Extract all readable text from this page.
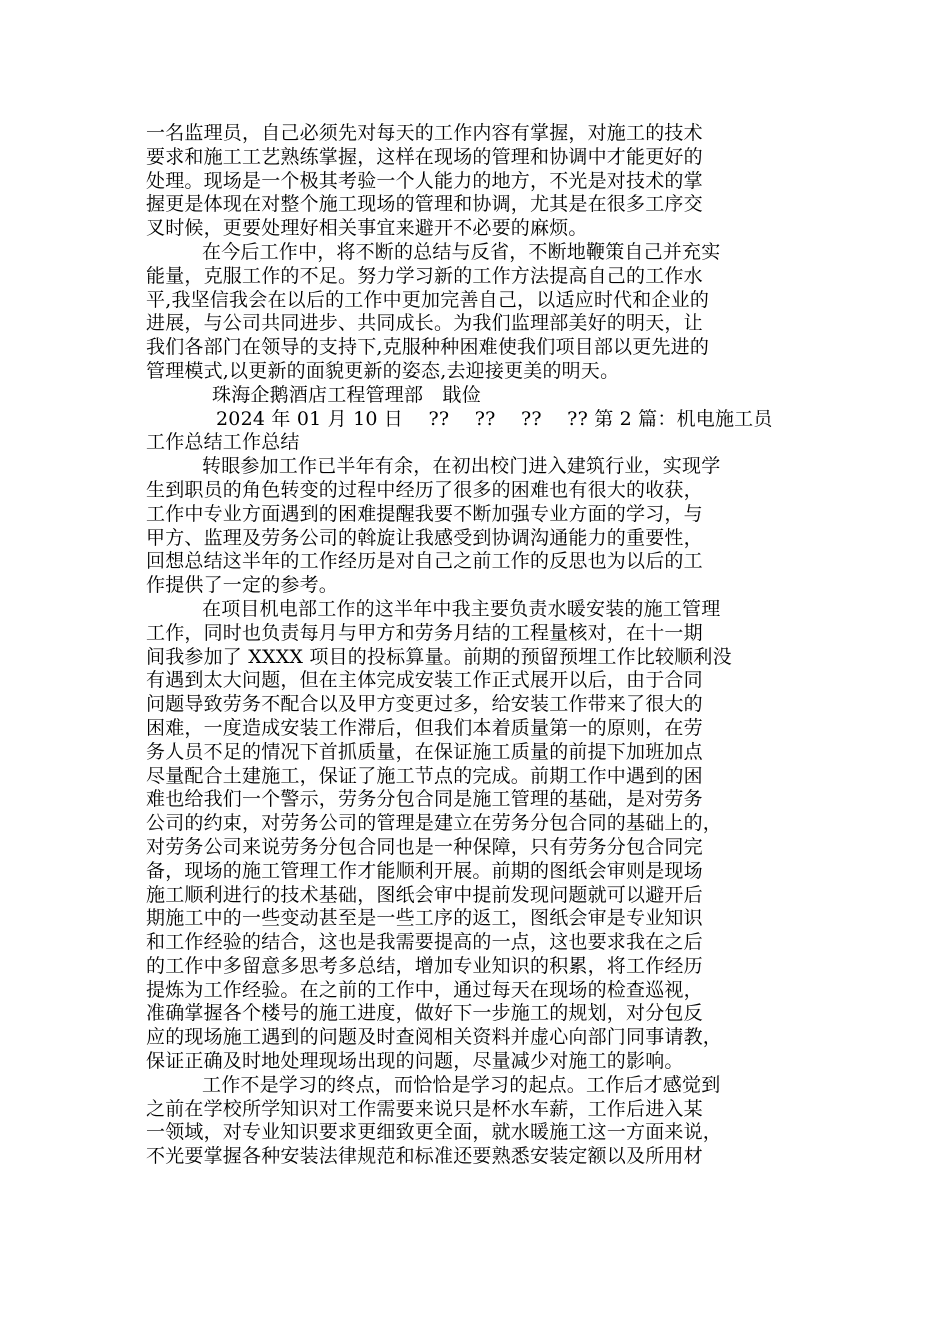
一名监理员，自己必须先对每天的工作内容有掌握，对施工的技术
要求和施工工艺熟练掌握，这样在现场的管理和协调中才能更好的
处理。现场是一个极其考验一个人能力的地方，不光是对技术的掌
握更是体现在对整个施工现场的管理和协调，尤其是在很多工序交
叉时候，更要处理好相关事宜来避开不必要的麻烦。
在今后工作中，将不断的总结与反省，不断地鞭策自己并充实
能量，克服工作的不足。努力学习新的工作方法提高自己的工作水
平,我坚信我会在以后的工作中更加完善自己，以适应时代和企业的
进展，与公司共同进步、共同成长。为我们监理部美好的明天，让
我们各部门在领导的支持下,克服种种困难使我们项目部以更先进的
管理模式,以更新的面貌更新的姿态,去迎接更美的明天。
珠海企鹅酒店工程管理部　戢俭
2024 年 01 月 10 日　 ??　 ??　 ??　 ?? 第 2 篇：机电施工员
工作总结工作总结
转眼参加工作已半年有余，在初出校门进入建筑行业，实现学
生到职员的角色转变的过程中经历了很多的困难也有很大的收获，
工作中专业方面遇到的困难提醒我要不断加强专业方面的学习，与
甲方、监理及劳务公司的斡旋让我感受到协调沟通能力的重要性，
回想总结这半年的工作经历是对自己之前工作的反思也为以后的工
作提供了一定的参考。
在项目机电部工作的这半年中我主要负责水暖安装的施工管理
工作，同时也负责每月与甲方和劳务月结的工程量核对，在十一期
间我参加了 XXXX 项目的投标算量。前期的预留预埋工作比较顺利没
有遇到太大问题，但在主体完成安装工作正式展开以后，由于合同
问题导致劳务不配合以及甲方变更过多，给安装工作带来了很大的
困难，一度造成安装工作滞后，但我们本着质量第一的原则，在劳
务人员不足的情况下首抓质量，在保证施工质量的前提下加班加点
尽量配合土建施工，保证了施工节点的完成。前期工作中遇到的困
难也给我们一个警示，劳务分包合同是施工管理的基础，是对劳务
公司的约束，对劳务公司的管理是建立在劳务分包合同的基础上的，
对劳务公司来说劳务分包合同也是一种保障，只有劳务分包合同完
备，现场的施工管理工作才能顺利开展。前期的图纸会审则是现场
施工顺利进行的技术基础，图纸会审中提前发现问题就可以避开后
期施工中的一些变动甚至是一些工序的返工，图纸会审是专业知识
和工作经验的结合，这也是我需要提高的一点，这也要求我在之后
的工作中多留意多思考多总结，增加专业知识的积累，将工作经历
提炼为工作经验。在之前的工作中，通过每天在现场的检查巡视，
准确掌握各个楼号的施工进度，做好下一步施工的规划，对分包反
应的现场施工遇到的问题及时查阅相关资料并虚心向部门同事请教，
保证正确及时地处理现场出现的问题，尽量减少对施工的影响。
工作不是学习的终点，而恰恰是学习的起点。工作后才感觉到
之前在学校所学知识对工作需要来说只是杯水车薪，工作后进入某
一领域，对专业知识要求更细致更全面，就水暖施工这一方面来说，
不光要掌握各种安装法律规范和标准还要熟悉安装定额以及所用材
